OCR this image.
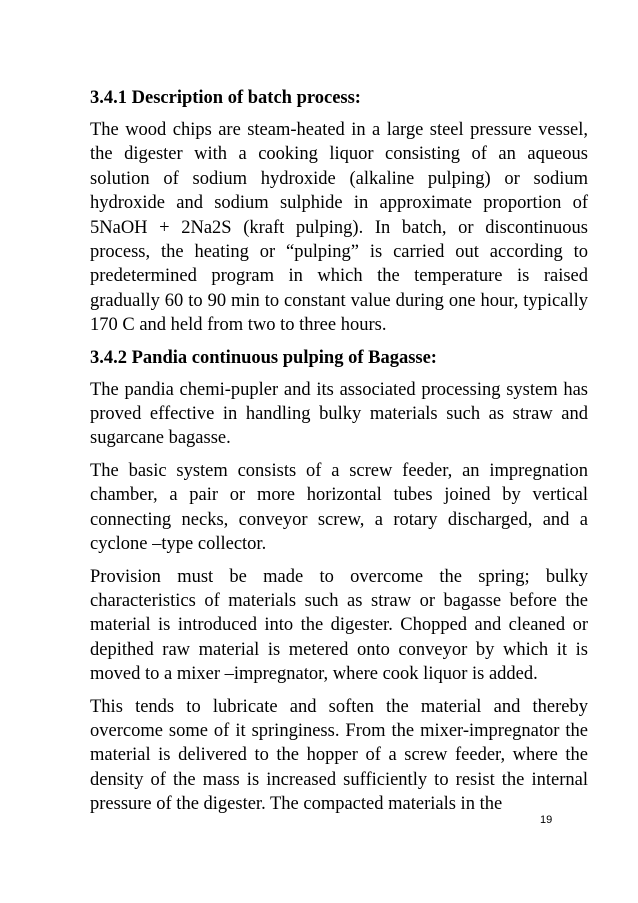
3.4.1 Description of batch process:

The wood chips are steam-heated in a large steel pressure vessel, the digester with a cooking liquor consisting of an aqueous solution of sodium hydroxide (alkaline pulping) or sodium hydroxide and sodium sulphide in approximate proportion of 5NaOH + 2Na2S (kraft pulping). In batch, or discontinuous process, the heating or “pulping” is carried out according to predetermined program in which the temperature is raised gradually 60 to 90 min to constant value during one hour, typically 170 C and held from two to three hours.

3.4.2 Pandia continuous pulping of Bagasse:

The pandia chemi-pupler and its associated processing system has proved effective in handling bulky materials such as straw and sugarcane bagasse.

The basic system consists of a screw feeder, an impregnation chamber, a pair or more horizontal tubes joined by vertical connecting necks, conveyor screw, a rotary discharged, and a cyclone –type collector.

Provision must be made to overcome the spring; bulky characteristics of materials such as straw or bagasse before the material is introduced into the digester. Chopped and cleaned or depithed raw material is metered onto conveyor by which it is moved to a mixer –impregnator, where cook liquor is added.

This tends to lubricate and soften the material and thereby overcome some of it springiness. From the mixer-impregnator the material is delivered to the hopper of a screw feeder, where the density of the mass is increased sufficiently to resist the internal pressure of the digester. The compacted materials in the

19
